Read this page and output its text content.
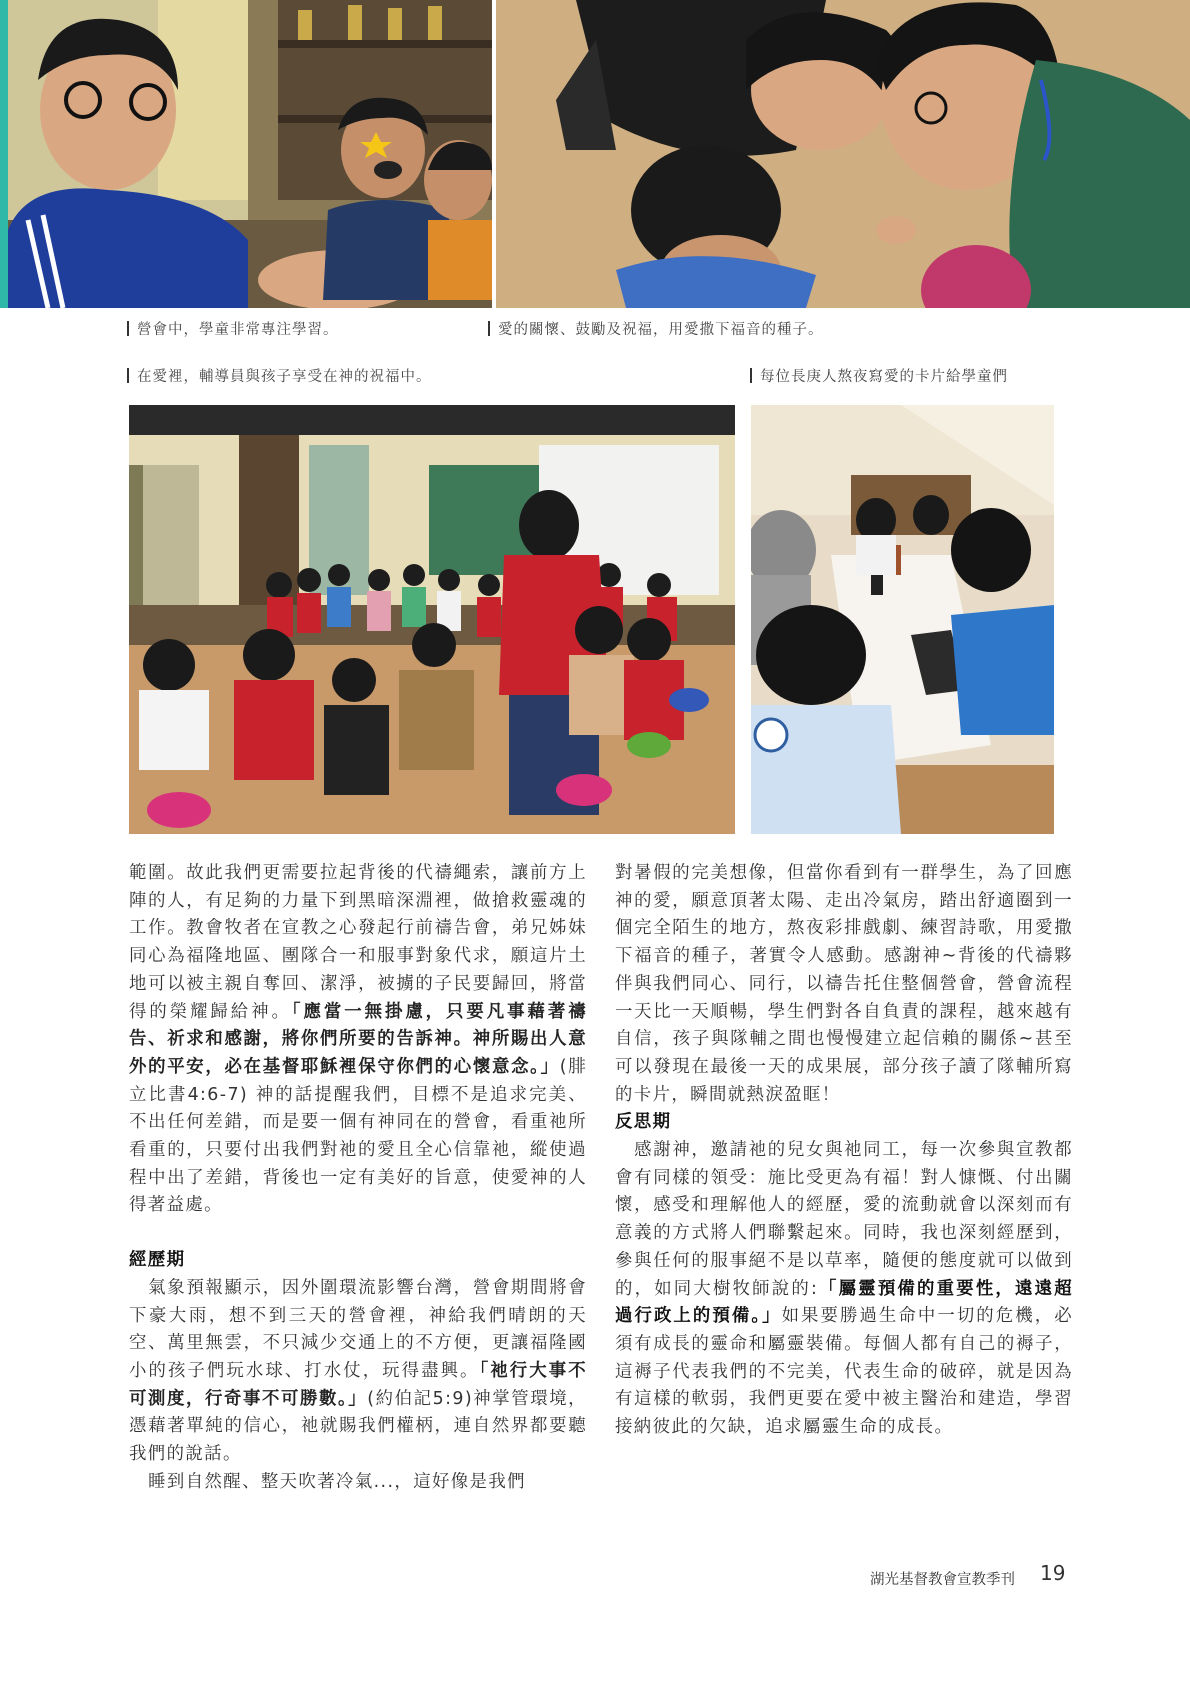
營會中，學童非常專注學習。	愛的關懷、鼓勵及祝福，用愛撒下福音的種子。
在愛裡，輔導員與孩子享受在神的祝福中。	每位長庚人熬夜寫愛的卡片給學童們

範圍。故此我們更需要拉起背後的代禱繩索，讓前方上陣的人，有足夠的力量下到黑暗深淵裡，做搶救靈魂的工作。教會牧者在宣教之心發起行前禱告會，弟兄姊妹同心為福隆地區、團隊合一和服事對象代求，願這片土地可以被主親自奪回、潔淨，被擄的子民要歸回，將當得的榮耀歸給神。「應當一無掛慮，只要凡事藉著禱告、祈求和感謝，將你們所要的告訴神。神所賜出人意外的平安，必在基督耶穌裡保守你們的心懷意念。」(腓立比書4:6-7) 神的話提醒我們，目標不是追求完美、不出任何差錯，而是要一個有神同在的營會，看重祂所看重的，只要付出我們對祂的愛且全心信靠祂，縱使過程中出了差錯，背後也一定有美好的旨意，使愛神的人得著益處。

經歷期

氣象預報顯示，因外圍環流影響台灣，營會期間將會下豪大雨，想不到三天的營會裡，神給我們晴朗的天空、萬里無雲，不只減少交通上的不方便，更讓福隆國小的孩子們玩水球、打水仗，玩得盡興。「祂行大事不可測度，行奇事不可勝數。」(約伯記5:9)神掌管環境，憑藉著單純的信心，祂就賜我們權柄，連自然界都要聽我們的說話。

睡到自然醒、整天吹著冷氣...，這好像是我們

對暑假的完美想像，但當你看到有一群學生，為了回應神的愛，願意頂著太陽、走出冷氣房，踏出舒適圈到一個完全陌生的地方，熬夜彩排戲劇、練習詩歌，用愛撒下福音的種子，著實令人感動。感謝神~背後的代禱夥伴與我們同心、同行，以禱告托住整個營會，營會流程一天比一天順暢，學生們對各自負責的課程，越來越有自信，孩子與隊輔之間也慢慢建立起信賴的關係~甚至可以發現在最後一天的成果展，部分孩子讀了隊輔所寫的卡片，瞬間就熱淚盈眶！

反思期

感謝神，邀請祂的兒女與祂同工，每一次參與宣教都會有同樣的領受：施比受更為有福！對人慷慨、付出關懷，感受和理解他人的經歷，愛的流動就會以深刻而有意義的方式將人們聯繫起來。同時，我也深刻經歷到，參與任何的服事絕不是以草率，隨便的態度就可以做到的，如同大樹牧師說的:「屬靈預備的重要性，遠遠超過行政上的預備。」如果要勝過生命中一切的危機，必須有成長的靈命和屬靈裝備。每個人都有自己的褥子，這褥子代表我們的不完美，代表生命的破碎，就是因為有這樣的軟弱，我們更要在愛中被主醫治和建造，學習接納彼此的欠缺，追求屬靈生命的成長。

湖光基督教會宣教季刊 19
